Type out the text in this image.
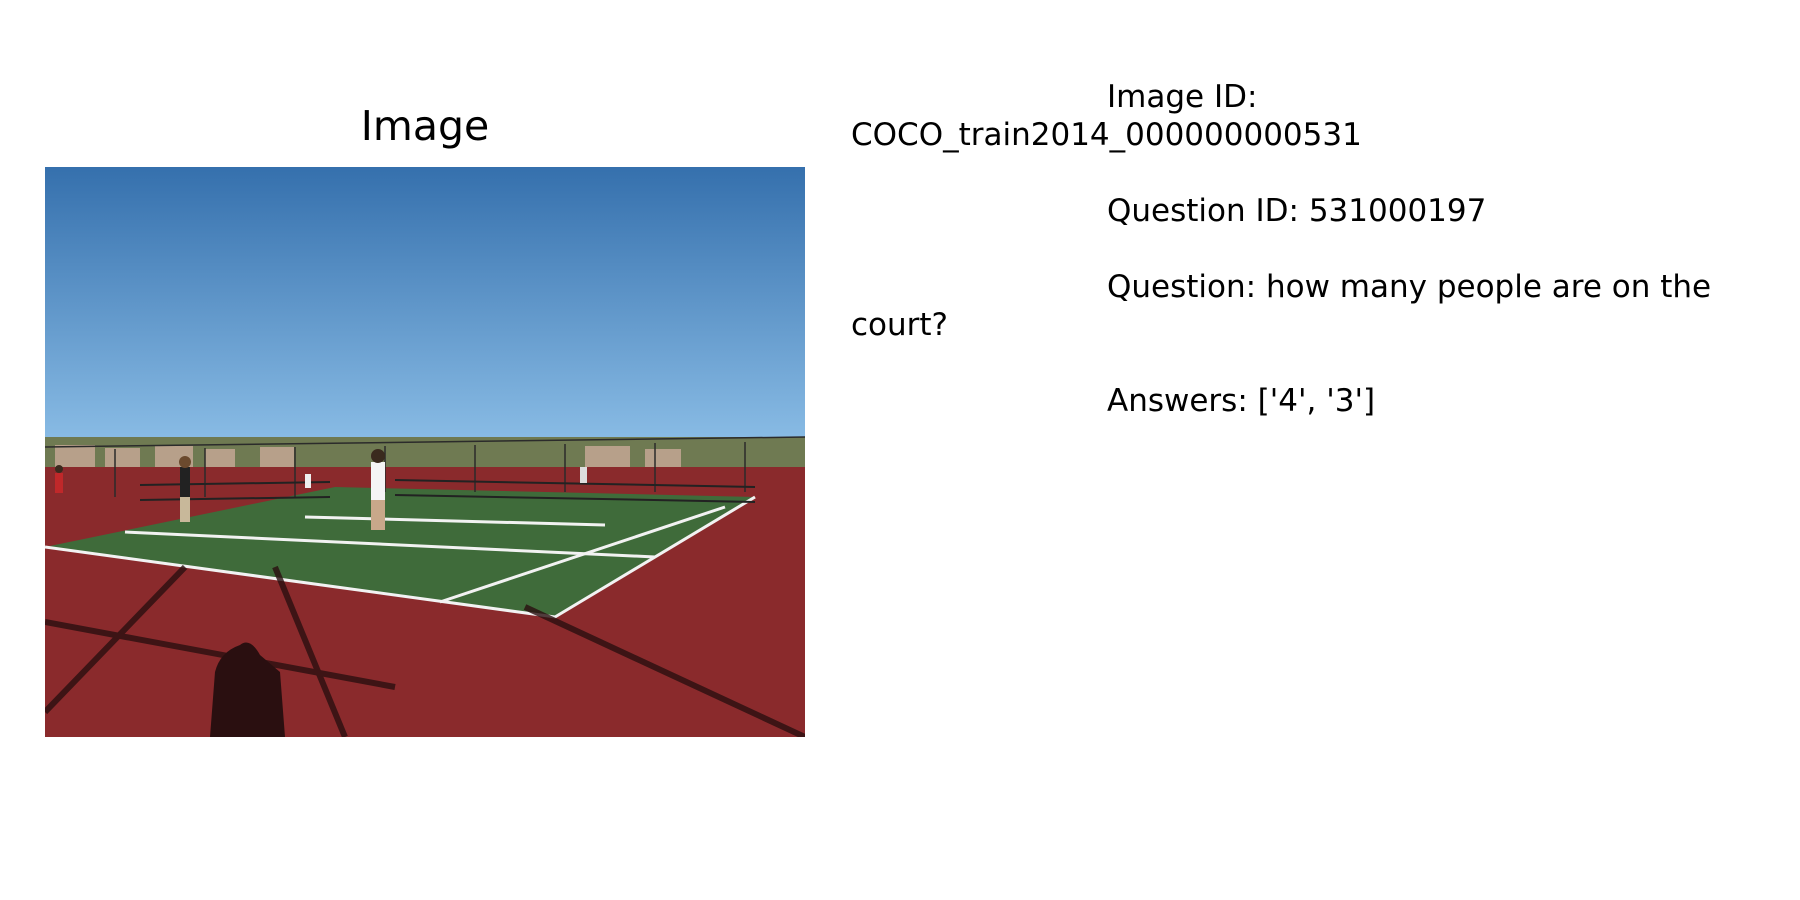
Image

Image ID:
COCO_train2014_000000000531

Question ID: 531000197

Question: how many people are on the
court?

Answers: ['4', '3']
